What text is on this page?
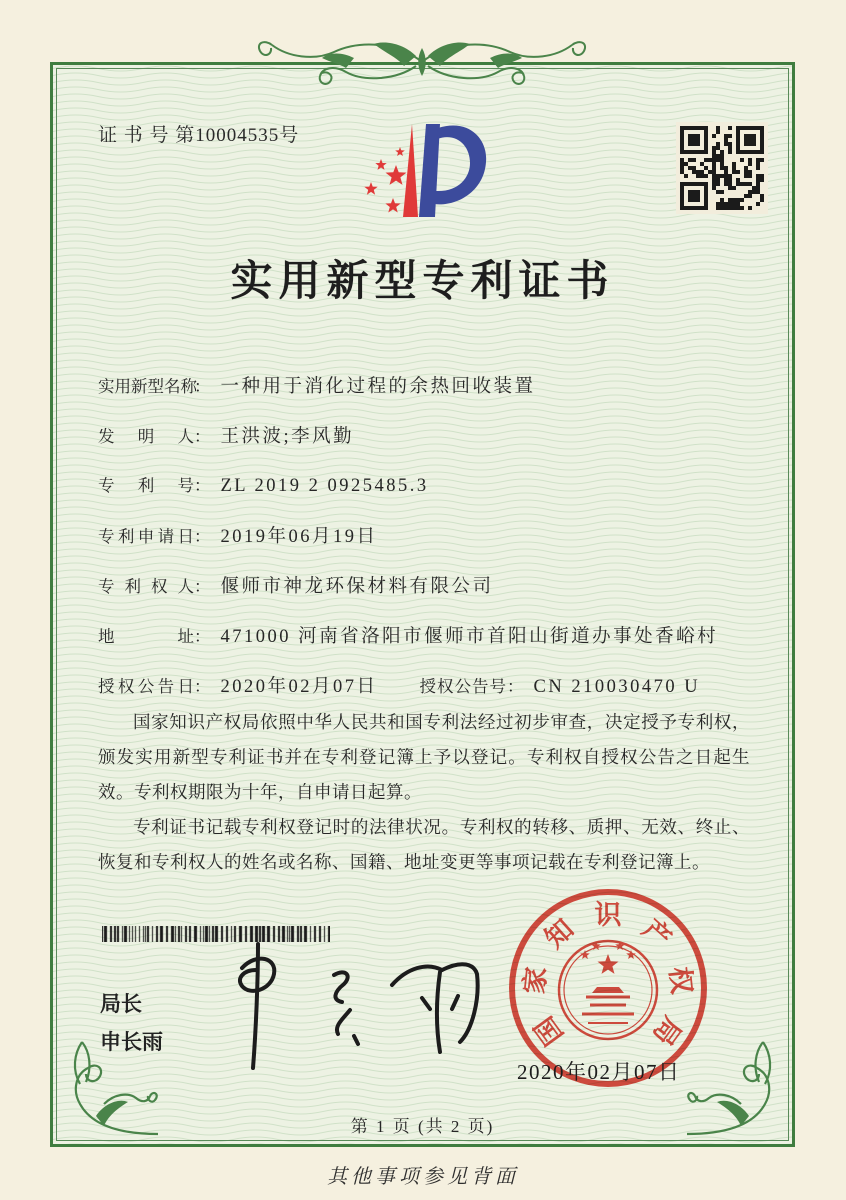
证 书 号 第10004535号
实用新型专利证书
实用新型名称： 一种用于消化过程的余热回收装置
发明人： 王洪波;李风勤
专利号： ZL 2019 2 0925485.3
专利申请日： 2019年06月19日
专利权人： 偃师市神龙环保材料有限公司
地址： 471000 河南省洛阳市偃师市首阳山街道办事处香峪村
授权公告日： 2020年02月07日	授权公告号： CN 210030470 U

国家知识产权局依照中华人民共和国专利法经过初步审查，决定授予专利权，颁发实用新型专利证书并在专利登记簿上予以登记。专利权自授权公告之日起生效。专利权期限为十年，自申请日起算。

专利证书记载专利权登记时的法律状况。专利权的转移、质押、无效、终止、恢复和专利权人的姓名或名称、国籍、地址变更等事项记载在专利登记簿上。

局长
申长雨	国
家
知 识 产
权
局
2020年02月07日
第 1 页 (共 2 页)
其他事项参见背面
